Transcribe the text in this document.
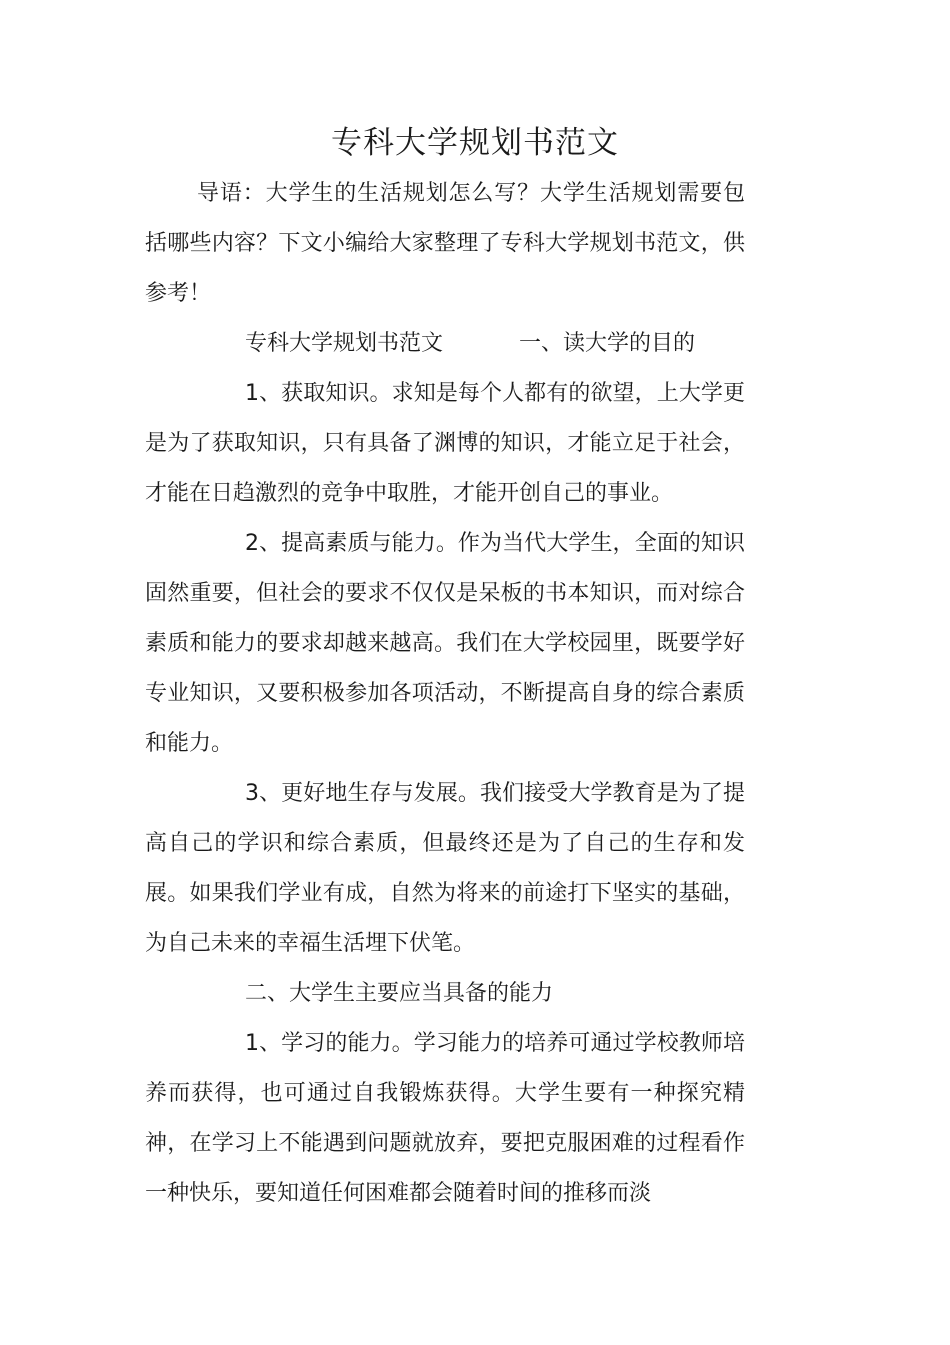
专科大学规划书范文

导语：大学生的生活规划怎么写？大学生活规划需要包括哪些内容？下文小编给大家整理了专科大学规划书范文，供参考！

专科大学规划书范文	一、读大学的目的

1、获取知识。求知是每个人都有的欲望，上大学更是为了获取知识，只有具备了渊博的知识，才能立足于社会，才能在日趋激烈的竞争中取胜，才能开创自己的事业。

2、提高素质与能力。作为当代大学生，全面的知识固然重要，但社会的要求不仅仅是呆板的书本知识，而对综合素质和能力的要求却越来越高。我们在大学校园里，既要学好专业知识，又要积极参加各项活动，不断提高自身的综合素质和能力。

3、更好地生存与发展。我们接受大学教育是为了提高自己的学识和综合素质，但最终还是为了自己的生存和发展。如果我们学业有成，自然为将来的前途打下坚实的基础，为自己未来的幸福生活埋下伏笔。

二、大学生主要应当具备的能力

1、学习的能力。学习能力的培养可通过学校教师培养而获得，也可通过自我锻炼获得。大学生要有一种探究精神，在学习上不能遇到问题就放弃，要把克服困难的过程看作一种快乐，要知道任何困难都会随着时间的推移而淡
